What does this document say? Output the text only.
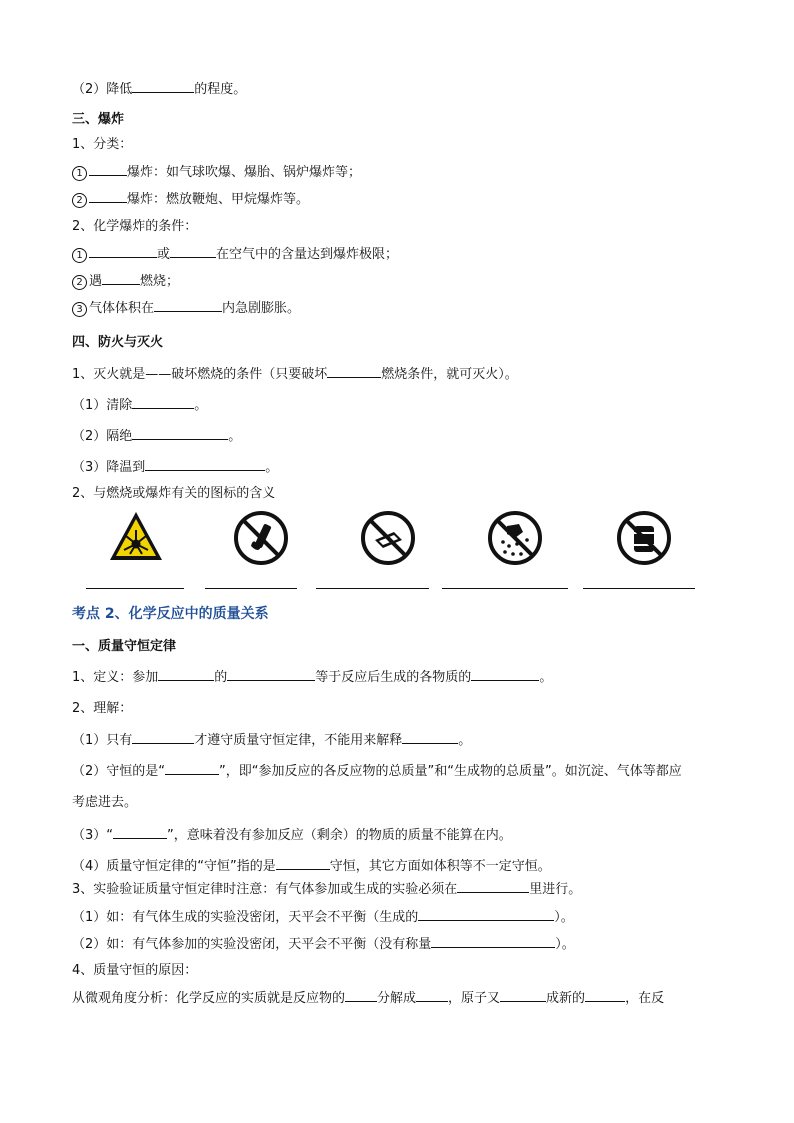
（2）降低	的程度。
三、爆炸
1、分类：
1	爆炸：如气球吹爆、爆胎、锅炉爆炸等；
2	爆炸：燃放鞭炮、甲烷爆炸等。
2、化学爆炸的条件：
1	或	在空气中的含量达到爆炸极限；
2 遇	燃烧；
3 气体体积在	内急剧膨胀。
四、防火与灭火
1、灭火就是——破坏燃烧的条件（只要破坏	燃烧条件，就可灭火）。
（1）清除	。
（2）隔绝	。
（3）降温到	。
2、与燃烧或爆炸有关的图标的含义
考点 2、化学反应中的质量关系
一、质量守恒定律
1、定义：参加	的	等于反应后生成的各物质的	。
2、理解：
（1）只有	才遵守质量守恒定律，不能用来解释	。
（2）守恒的是“	”，即“参加反应的各反应物的总质量”和“生成物的总质量”。如沉淀、气体等都应
考虑进去。
（3）“	”，意味着没有参加反应（剩余）的物质的质量不能算在内。
（4）质量守恒定律的“守恒”指的是	守恒，其它方面如体积等不一定守恒。
3、实验验证质量守恒定律时注意：有气体参加或生成的实验必须在	里进行。
（1）如：有气体生成的实验没密闭，天平会不平衡（生成的	）。
（2）如：有气体参加的实验没密闭，天平会不平衡（没有称量	）。
4、质量守恒的原因：
从微观角度分析：化学反应的实质就是反应物的 分解成 ，原子又	成新的	，在反
